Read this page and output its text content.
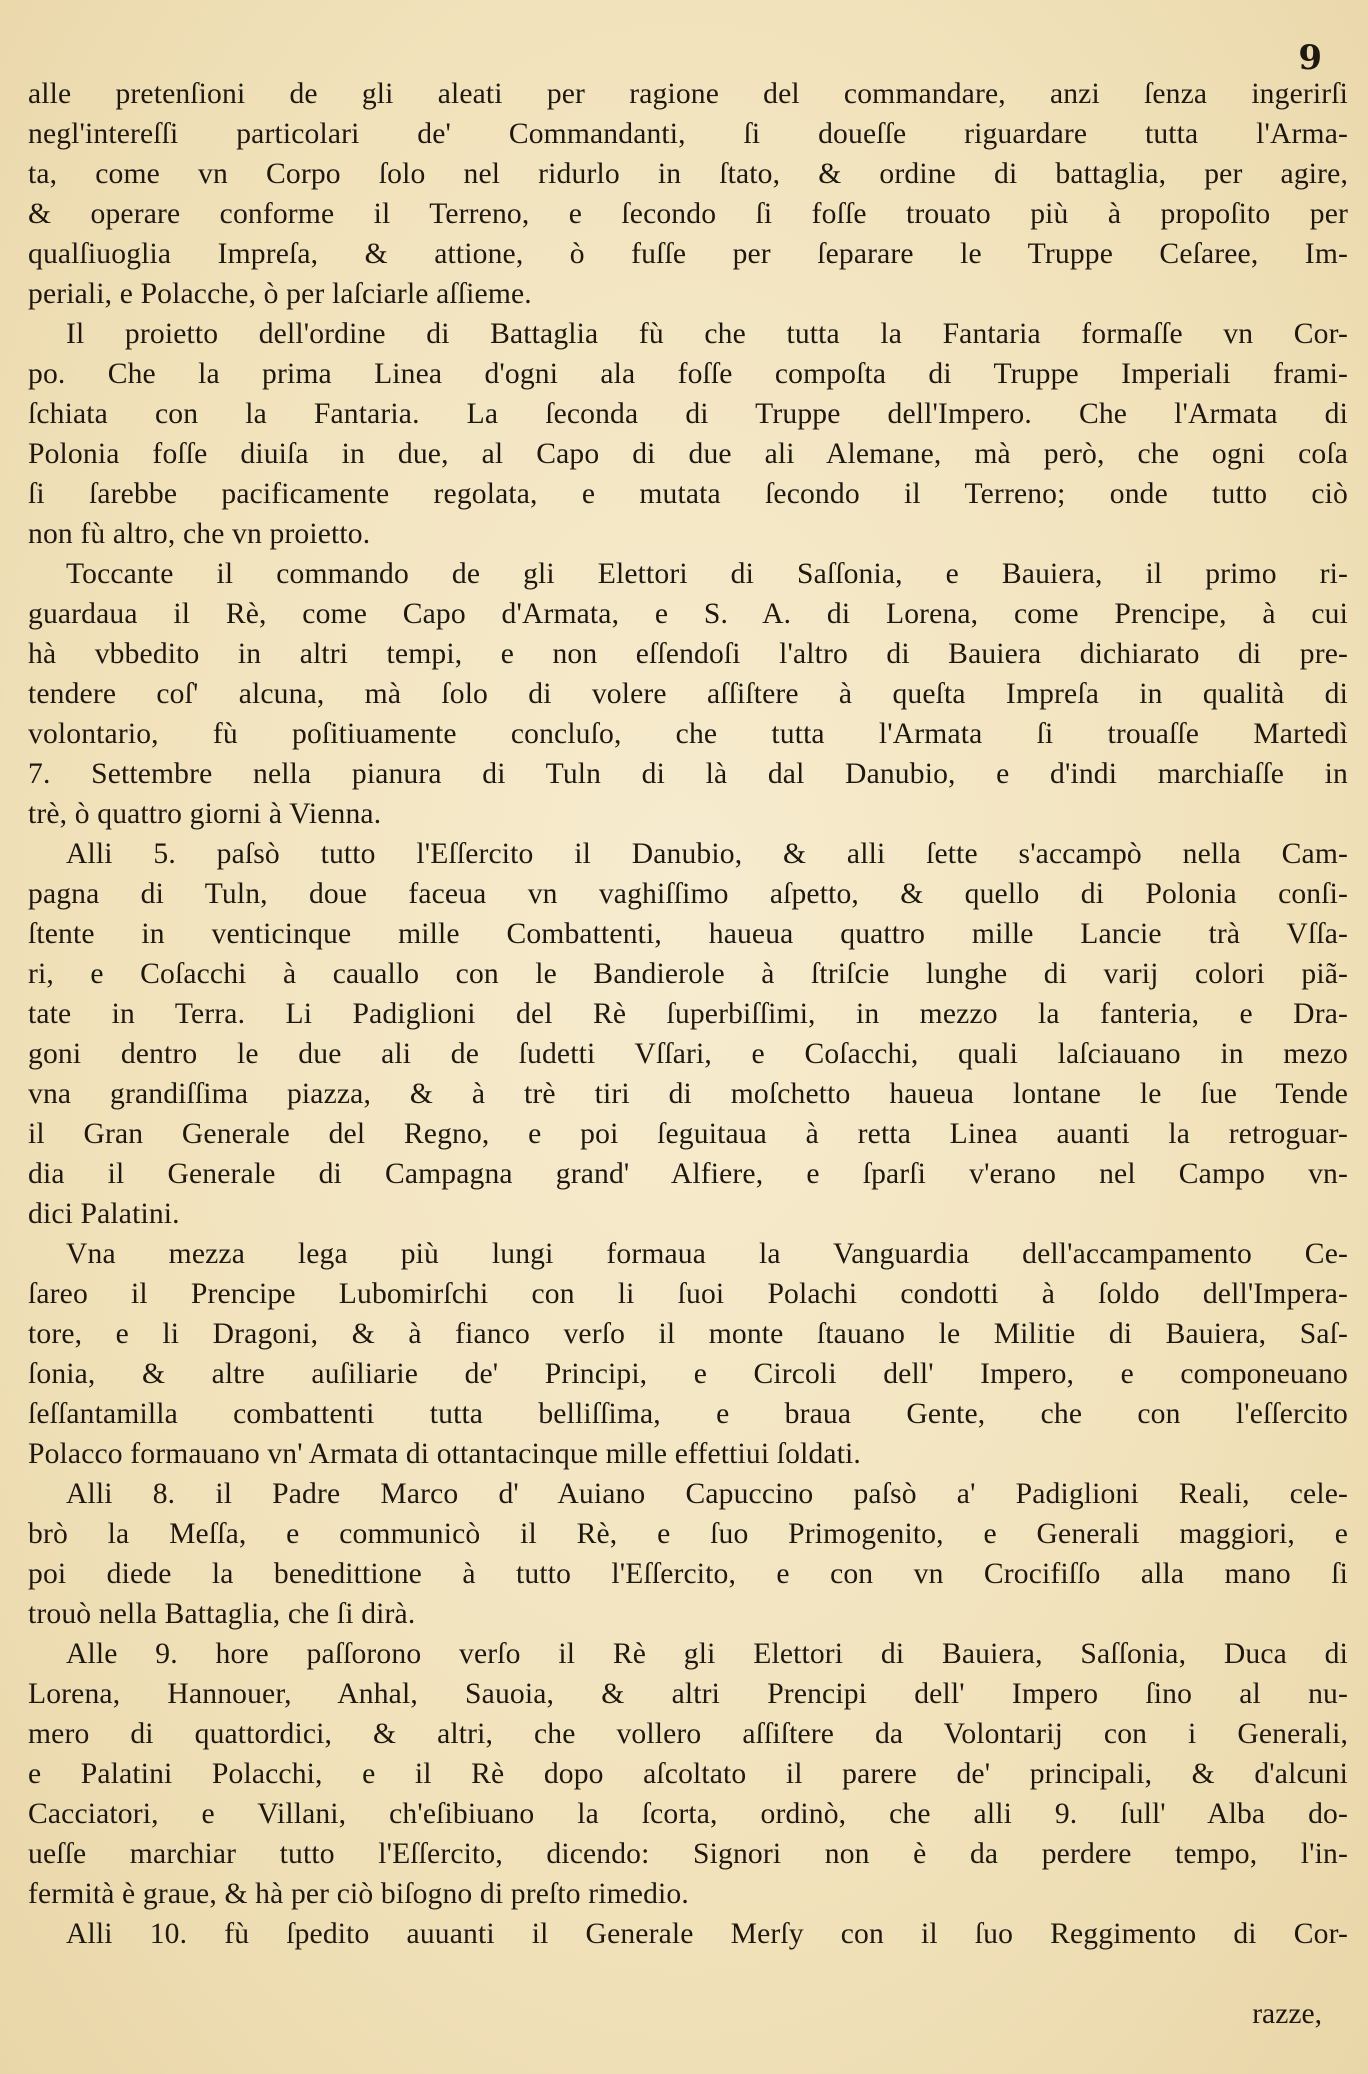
9
alle pretenſioni de gli aleati per ragione del commandare, anzi ſenza ingerirſi
negl'intereſſi particolari de' Commandanti, ſi doueſſe riguardare tutta l'Arma-
ta, come vn Corpo ſolo nel ridurlo in ſtato, & ordine di battaglia, per agire,
& operare conforme il Terreno, e ſecondo ſi foſſe trouato più à propoſito per
qualſiuoglia Impreſa, & attione, ò fuſſe per ſeparare le Truppe Ceſaree, Im-
periali, e Polacche, ò per laſciarle aſſieme.
Il proietto dell'ordine di Battaglia fù che tutta la Fantaria formaſſe vn Cor-
po. Che la prima Linea d'ogni ala foſſe compoſta di Truppe Imperiali frami-
ſchiata con la Fantaria. La ſeconda di Truppe dell'Impero. Che l'Armata di
Polonia foſſe diuiſa in due, al Capo di due ali Alemane, mà però, che ogni coſa
ſi ſarebbe pacificamente regolata, e mutata ſecondo il Terreno; onde tutto ciò
non fù altro, che vn proietto.
Toccante il commando de gli Elettori di Saſſonia, e Bauiera, il primo ri-
guardaua il Rè, come Capo d'Armata, e S. A. di Lorena, come Prencipe, à cui
hà vbbedito in altri tempi, e non eſſendoſi l'altro di Bauiera dichiarato di pre-
tendere coſ' alcuna, mà ſolo di volere aſſiſtere à queſta Impreſa in qualità di
volontario, fù poſitiuamente concluſo, che tutta l'Armata ſi trouaſſe Martedì
7. Settembre nella pianura di Tuln di là dal Danubio, e d'indi marchiaſſe in
trè, ò quattro giorni à Vienna.
Alli 5. paſsò tutto l'Eſſercito il Danubio, & alli ſette s'accampò nella Cam-
pagna di Tuln, doue faceua vn vaghiſſimo aſpetto, & quello di Polonia conſi-
ſtente in venticinque mille Combattenti, haueua quattro mille Lancie trà Vſſa-
ri, e Coſacchi à cauallo con le Bandierole à ſtriſcie lunghe di varij colori piã-
tate in Terra. Li Padiglioni del Rè ſuperbiſſimi, in mezzo la fanteria, e Dra-
goni dentro le due ali de ſudetti Vſſari, e Coſacchi, quali laſciauano in mezo
vna grandiſſima piazza, & à trè tiri di moſchetto haueua lontane le ſue Tende
il Gran Generale del Regno, e poi ſeguitaua à retta Linea auanti la retroguar-
dia il Generale di Campagna grand' Alfiere, e ſparſi v'erano nel Campo vn-
dici Palatini.
Vna mezza lega più lungi formaua la Vanguardia dell'accampamento Ce-
ſareo il Prencipe Lubomirſchi con li ſuoi Polachi condotti à ſoldo dell'Impera-
tore, e li Dragoni, & à fianco verſo il monte ſtauano le Militie di Bauiera, Saſ-
ſonia, & altre auſiliarie de' Principi, e Circoli dell' Impero, e componeuano
ſeſſantamilla combattenti tutta belliſſima, e braua Gente, che con l'eſſercito
Polacco formauano vn' Armata di ottantacinque mille effettiui ſoldati.
Alli 8. il Padre Marco d' Auiano Capuccino paſsò a' Padiglioni Reali, cele-
brò la Meſſa, e communicò il Rè, e ſuo Primogenito, e Generali maggiori, e
poi diede la benedittione à tutto l'Eſſercito, e con vn Crocifiſſo alla mano ſi
trouò nella Battaglia, che ſi dirà.
Alle 9. hore paſſorono verſo il Rè gli Elettori di Bauiera, Saſſonia, Duca di
Lorena, Hannouer, Anhal, Sauoia, & altri Prencipi dell' Impero ſino al nu-
mero di quattordici, & altri, che vollero aſſiſtere da Volontarij con i Generali,
e Palatini Polacchi, e il Rè dopo aſcoltato il parere de' principali, & d'alcuni
Cacciatori, e Villani, ch'eſibiuano la ſcorta, ordinò, che alli 9. ſull' Alba do-
ueſſe marchiar tutto l'Eſſercito, dicendo: Signori non è da perdere tempo, l'in-
fermità è graue, & hà per ciò biſogno di preſto rimedio.
Alli 10. fù ſpedito auuanti il Generale Merſy con il ſuo Reggimento di Cor-
razze,
